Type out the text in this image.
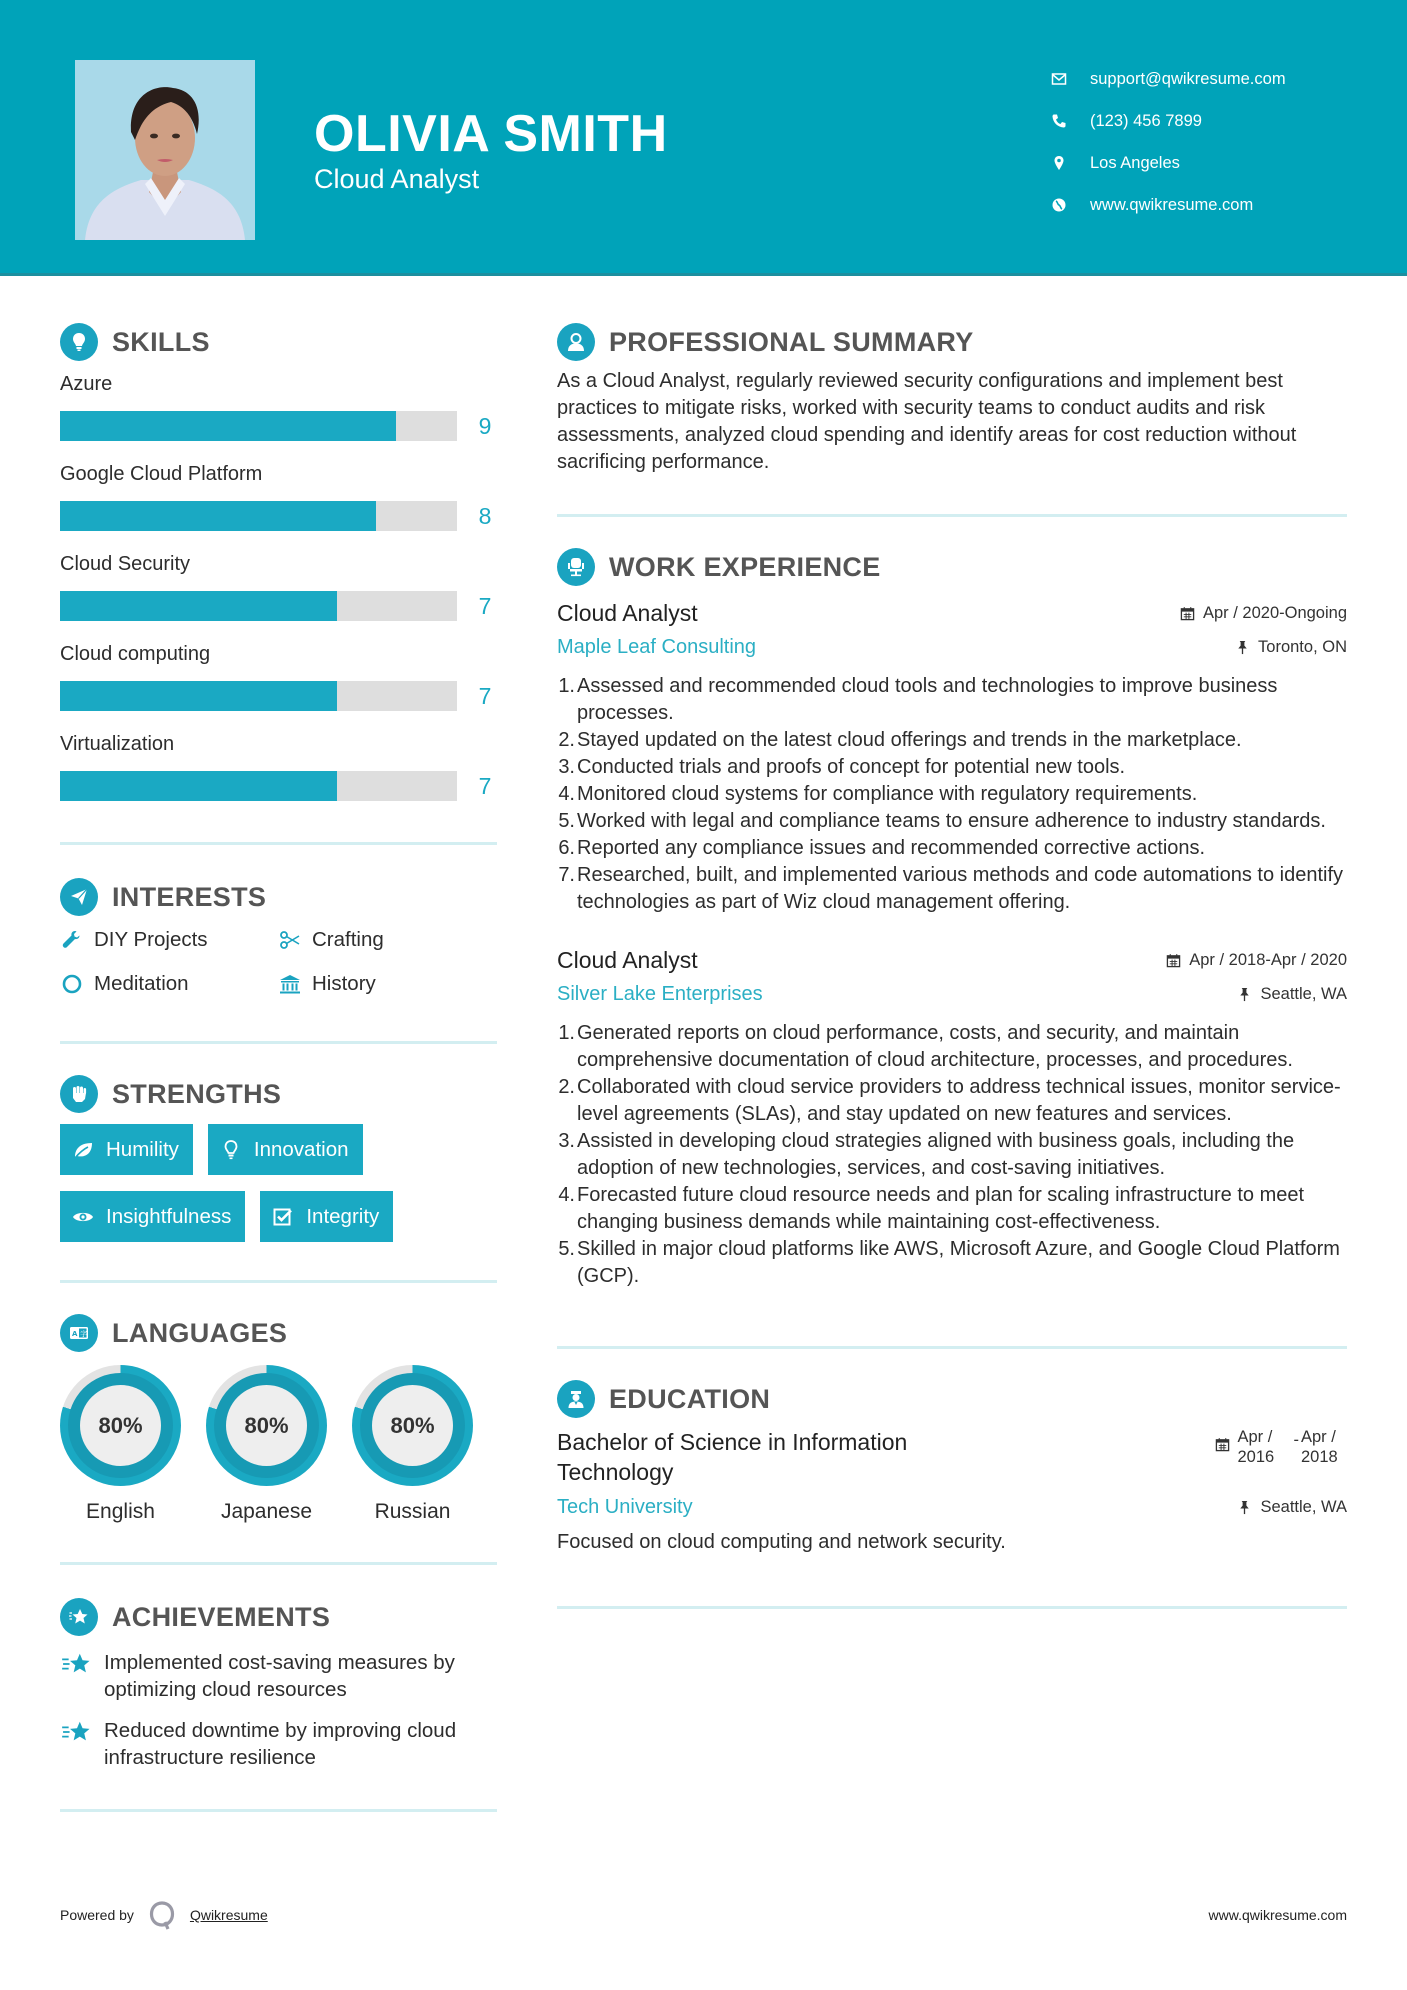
OLIVIA SMITH
Cloud Analyst
support@qwikresume.com
(123) 456 7899
Los Angeles
www.qwikresume.com
SKILLS
Azure
9
Google Cloud Platform
8
Cloud Security
7
Cloud computing
7
Virtualization
7
INTERESTS
DIY Projects	Crafting
Meditation	History
STRENGTHS
Humility	Innovation
Insightfulness	Integrity
A 字 LANGUAGES
80%
English
80%
Japanese
80%
Russian
ACHIEVEMENTS
Implemented cost-saving measures by optimizing cloud resources
Reduced downtime by improving cloud infrastructure resilience
PROFESSIONAL SUMMARY

As a Cloud Analyst, regularly reviewed security configurations and implement best practices to mitigate risks, worked with security teams to conduct audits and risk assessments, analyzed cloud spending and identify areas for cost reduction without sacrificing performance.

WORK EXPERIENCE
Cloud Analyst	Apr / 2020-Ongoing
Maple Leaf Consulting	Toronto, ON
1. Assessed and recommended cloud tools and technologies to improve business processes.
2. Stayed updated on the latest cloud offerings and trends in the marketplace.
3. Conducted trials and proofs of concept for potential new tools.
4. Monitored cloud systems for compliance with regulatory requirements.
5. Worked with legal and compliance teams to ensure adherence to industry standards.
6. Reported any compliance issues and recommended corrective actions.
7. Researched, built, and implemented various methods and code automations to identify technologies as part of Wiz cloud management offering.
Cloud Analyst	Apr / 2018-Apr / 2020
Silver Lake Enterprises	Seattle, WA
1. Generated reports on cloud performance, costs, and security, and maintain comprehensive documentation of cloud architecture, processes, and procedures.
2. Collaborated with cloud service providers to address technical issues, monitor service-level agreements (SLAs), and stay updated on new features and services.
3. Assisted in developing cloud strategies aligned with business goals, including the adoption of new technologies, services, and cost-saving initiatives.
4. Forecasted future cloud resource needs and plan for scaling infrastructure to meet changing business demands while maintaining cost-effectiveness.
5. Skilled in major cloud platforms like AWS, Microsoft Azure, and Google Cloud Platform (GCP).
EDUCATION
Bachelor of Science in Information Technology
Apr / 2016
- Apr / 2018
Tech University	Seattle, WA

Focused on cloud computing and network security.

Powered by	Qwikresume	www.qwikresume.com
